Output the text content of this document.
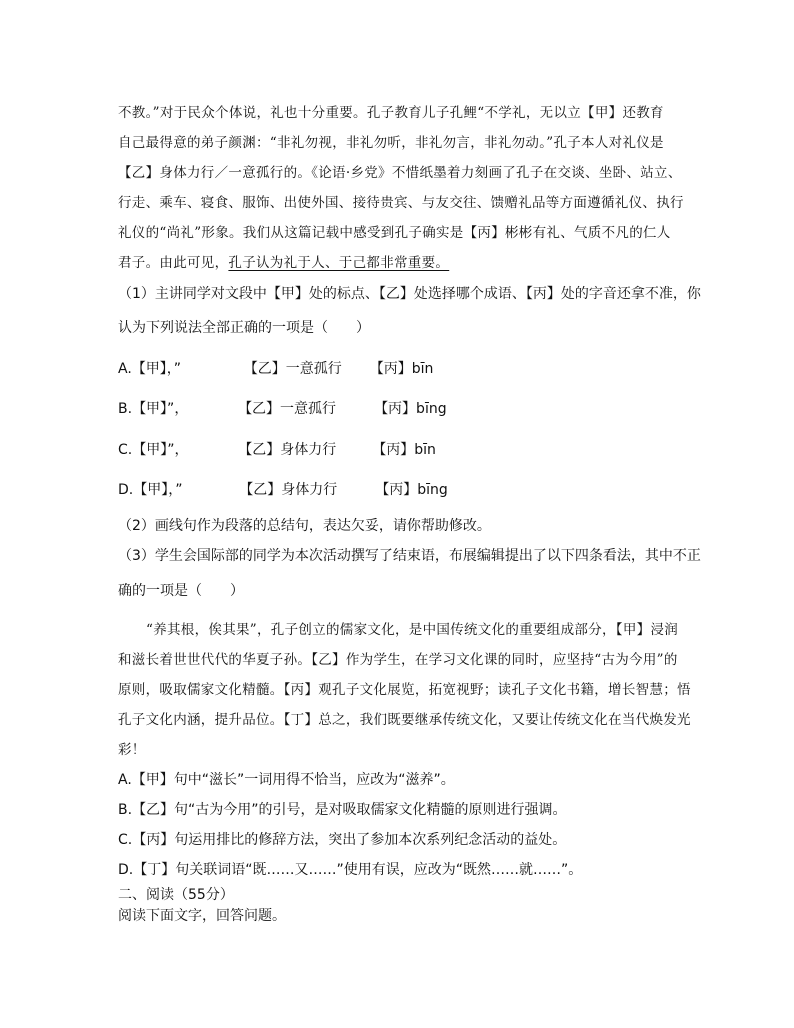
不教。”对于民众个体说，礼也十分重要。孔子教育儿子孔鲤“不学礼，无以立【甲】还教育
自己最得意的弟子颜渊：“非礼勿视，非礼勿听，非礼勿言，非礼勿动。”孔子本人对礼仪是
【乙】身体力行／一意孤行的。《论语·乡党》不惜纸墨着力刻画了孔子在交谈、坐卧、站立、
行走、乘车、寝食、服饰、出使外国、接待贵宾、与友交往、馈赠礼品等方面遵循礼仪、执行
礼仪的“尚礼”形象。我们从这篇记载中感受到孔子确实是【丙】彬彬有礼、气质不凡的仁人
君子。由此可见，孔子认为礼于人、于己都非常重要。
（1）主讲同学对文段中【甲】处的标点、【乙】处选择哪个成语、【丙】处的字音还拿不准，你
认为下列说法全部正确的一项是（　　）
A.【甲】，”	【乙】一意孤行 【丙】bīn
B.【甲】”，	【乙】一意孤行	【丙】bīng
C.【甲】”，	【乙】身体力行	【丙】bīn
D.【甲】，”	【乙】身体力行	【丙】bīng
（2）画线句作为段落的总结句，表达欠妥，请你帮助修改。
（3）学生会国际部的同学为本次活动撰写了结束语，布展编辑提出了以下四条看法，其中不正
确的一项是（　　）
“养其根，俟其果”，孔子创立的儒家文化，是中国传统文化的重要组成部分，【甲】浸润
和滋长着世世代代的华夏子孙。【乙】作为学生，在学习文化课的同时，应坚持“古为今用”的
原则，吸取儒家文化精髓。【丙】观孔子文化展览，拓宽视野；读孔子文化书籍，增长智慧；悟
孔子文化内涵，提升品位。【丁】总之，我们既要继承传统文化，又要让传统文化在当代焕发光
彩！
A.【甲】句中“滋长”一词用得不恰当，应改为“滋养”。
B.【乙】句“古为今用”的引号，是对吸取儒家文化精髓的原则进行强调。
C.【丙】句运用排比的修辞方法，突出了参加本次系列纪念活动的益处。
D.【丁】句关联词语“既……又……”使用有误，应改为“既然……就……”。
二、阅读（55分）
阅读下面文字，回答问题。
